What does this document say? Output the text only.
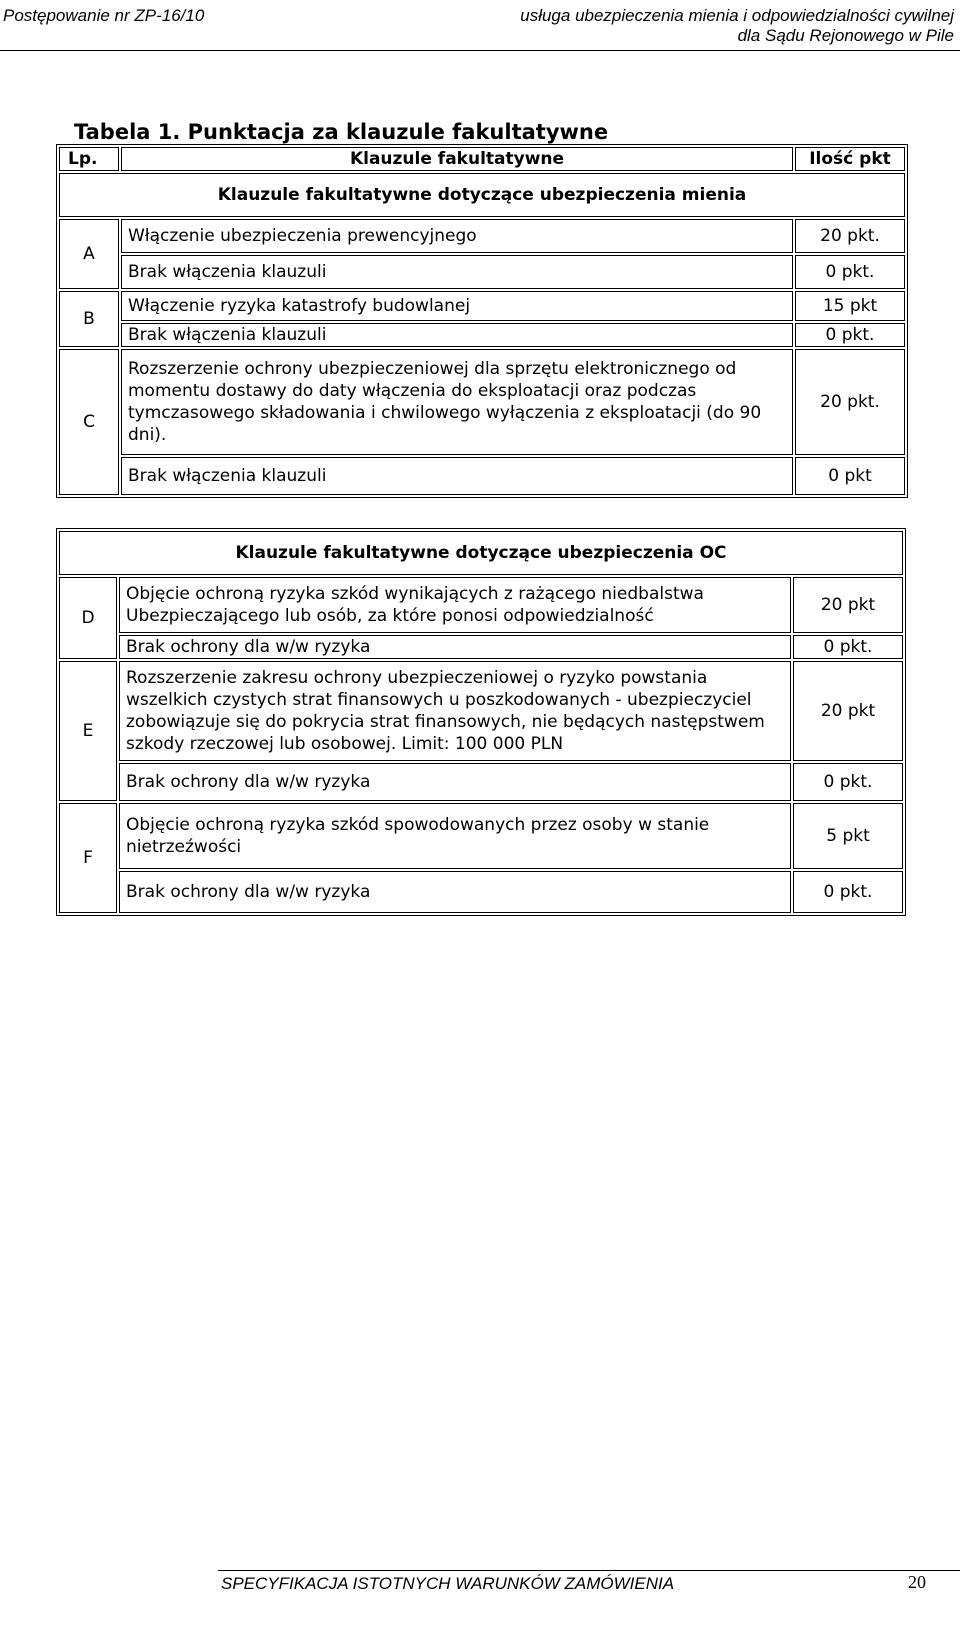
Postępowanie nr ZP-16/10	usługa ubezpieczenia mienia i odpowiedzialności cywilnej
dla Sądu Rejonowego w Pile
Tabela 1. Punktacja za klauzule fakultatywne
Lp.	Klauzule fakultatywne	Ilość pkt
Klauzule fakultatywne dotyczące ubezpieczenia mienia		
A	Włączenie ubezpieczenia prewencyjnego	20 pkt.
	Brak włączenia klauzuli	0 pkt.
B	Włączenie ryzyka katastrofy budowlanej	15 pkt
	Brak włączenia klauzuli	0 pkt.
C	Rozszerzenie ochrony ubezpieczeniowej dla sprzętu elektronicznego od momentu dostawy do daty włączenia do eksploatacji oraz podczas tymczasowego składowania i chwilowego wyłączenia z eksploatacji (do 90 dni).	20 pkt.
	Brak włączenia klauzuli	0 pkt
Klauzule fakultatywne dotyczące ubezpieczenia OC		
D	Objęcie ochroną ryzyka szkód wynikających z rażącego niedbalstwa Ubezpieczającego lub osób, za które ponosi odpowiedzialność	20 pkt
	Brak ochrony dla w/w ryzyka	0 pkt.
E	Rozszerzenie zakresu ochrony ubezpieczeniowej o ryzyko powstania wszelkich czystych strat finansowych u poszkodowanych - ubezpieczyciel zobowiązuje się do pokrycia strat finansowych, nie będących następstwem szkody rzeczowej lub osobowej. Limit: 100 000 PLN	20 pkt
	Brak ochrony dla w/w ryzyka	0 pkt.
F	Objęcie ochroną ryzyka szkód spowodowanych przez osoby w stanie nietrzeźwości	5 pkt
	Brak ochrony dla w/w ryzyka	0 pkt.
SPECYFIKACJA ISTOTNYCH WARUNKÓW ZAMÓWIENIA	20
